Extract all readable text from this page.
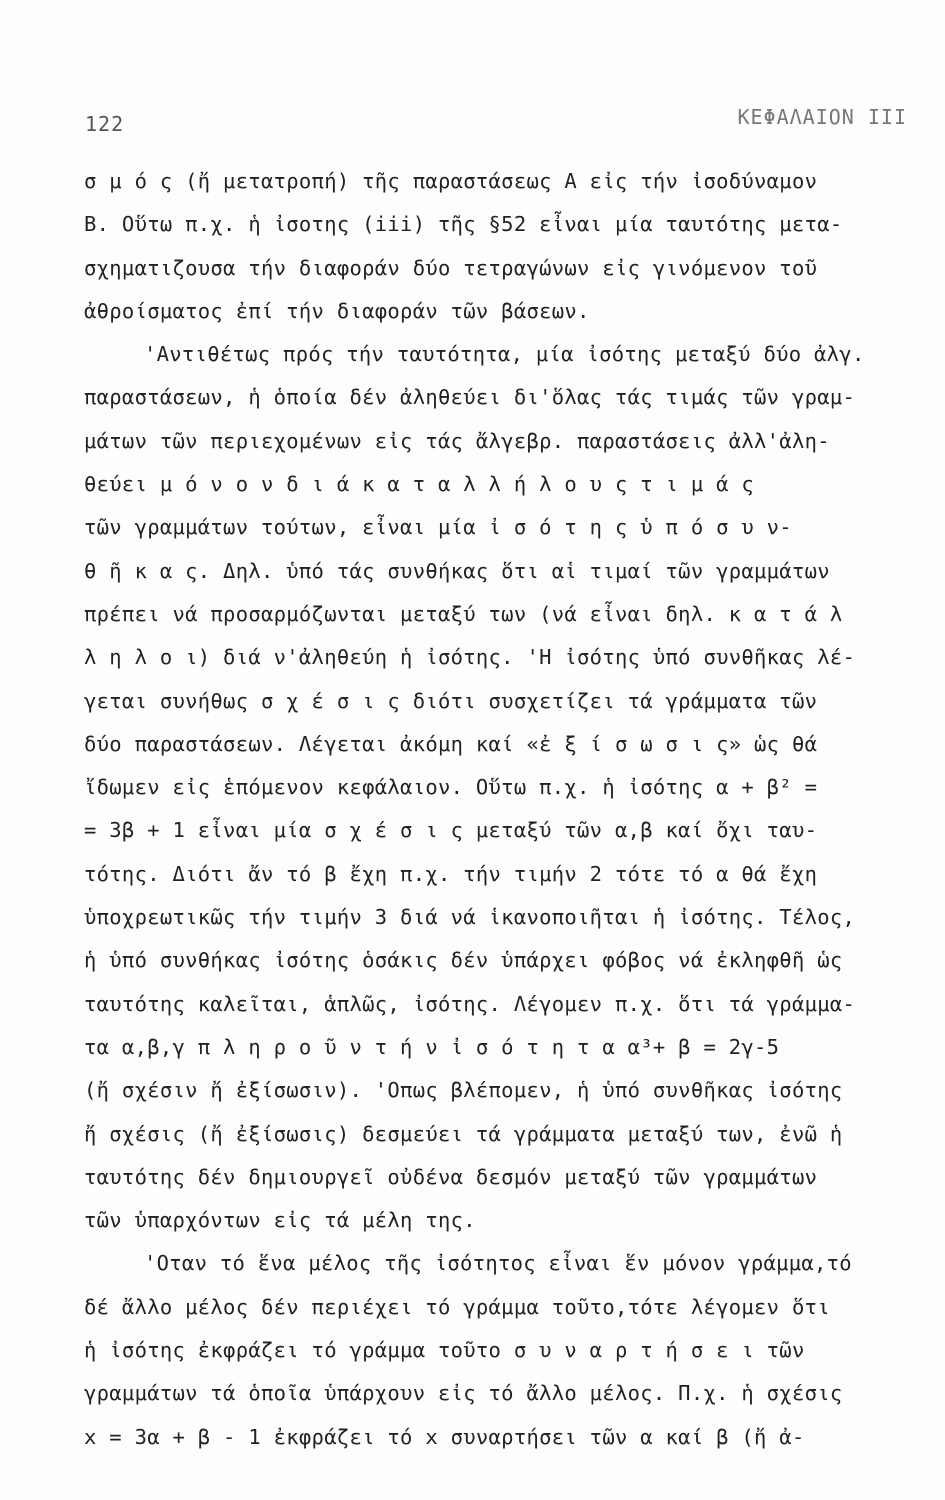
122	ΚΕΦΑΛΑΙΟΝ ΙΙΙ
σ μ ό ς (ἤ μετατροπή) τῆς παραστάσεως Α εἰς τήν ἰσοδύναμον
Β. Οὕτω π.χ. ἡ ἰσοτης (iii) τῆς §52 εἶναι μία ταυτότης μετα-
σχηματιζουσα τήν διαφοράν δύο τετραγώνων εἰς γινόμενον τοῦ
ἀθροίσματος ἐπί τήν διαφοράν τῶν βάσεων.
'Αντιθέτως πρός τήν ταυτότητα, μία ἰσότης μεταξύ δύο ἀλγ.
παραστάσεων, ἡ ὁποία δέν ἀληθεύει δι'ὅλας τάς τιμάς τῶν γραμ-
μάτων τῶν περιεχομένων εἰς τάς ἄλγεβρ. παραστάσεις ἀλλ'ἀλη-
θεύει μ ό ν ο ν δ ι ά κ α τ α λ λ ή λ ο υ ς τ ι μ ά ς
τῶν γραμμάτων τούτων, εἶναι μία ἰ σ ό τ η ς ὑ π ό σ υ ν-
θ ῆ κ α ς. Δηλ. ὑπό τάς συνθήκας ὅτι αἱ τιμαί τῶν γραμμάτων
πρέπει νά προσαρμόζωνται μεταξύ των (νά εἶναι δηλ. κ α τ ά λ
λ η λ ο ι) διά ν'ἀληθεύη ἡ ἰσότης. 'Η ἰσότης ὑπό συνθῆκας λέ-
γεται συνήθως σ χ έ σ ι ς διότι συσχετίζει τά γράμματα τῶν
δύο παραστάσεων. Λέγεται ἀκόμη καί «ἐ ξ ί σ ω σ ι ς» ὡς θά
ἴδωμεν εἰς ἑπόμενον κεφάλαιον. Οὕτω π.χ. ἡ ἰσότης α + β² =
= 3β + 1 εἶναι μία σ χ έ σ ι ς μεταξύ τῶν α,β καί ὄχι ταυ-
τότης. Διότι ἄν τό β ἔχη π.χ. τήν τιμήν 2 τότε τό α θά ἔχη
ὑποχρεωτικῶς τήν τιμήν 3 διά νά ἱκανοποιῆται ἡ ἰσότης. Τέλος,
ἡ ὑπό συνθήκας ἰσότης ὁσάκις δέν ὑπάρχει φόβος νά ἐκληφθῆ ὡς
ταυτότης καλεῖται, ἁπλῶς, ἰσότης. Λέγομεν π.χ. ὅτι τά γράμμα-
τα α,β,γ π λ η ρ ο ῦ ν τ ή ν ἰ σ ό τ η τ α α³+ β = 2γ-5
(ἤ σχέσιν ἤ ἐξίσωσιν). 'Οπως βλέπομεν, ἡ ὑπό συνθῆκας ἰσότης
ἤ σχέσις (ἤ ἐξίσωσις) δεσμεύει τά γράμματα μεταξύ των, ἐνῶ ἡ
ταυτότης δέν δημιουργεῖ οὐδένα δεσμόν μεταξύ τῶν γραμμάτων
τῶν ὑπαρχόντων εἰς τά μέλη της.
'Οταν τό ἕνα μέλος τῆς ἰσότητος εἶναι ἕν μόνον γράμμα,τό
δέ ἄλλο μέλος δέν περιέχει τό γράμμα τοῦτο,τότε λέγομεν ὅτι
ἡ ἰσότης ἐκφράζει τό γράμμα τοῦτο σ υ ν α ρ τ ή σ ε ι τῶν
γραμμάτων τά ὁποῖα ὑπάρχουν εἰς τό ἄλλο μέλος. Π.χ. ἡ σχέσις
x = 3α + β - 1 ἐκφράζει τό x συναρτήσει τῶν α καί β (ἤ ἀ-
